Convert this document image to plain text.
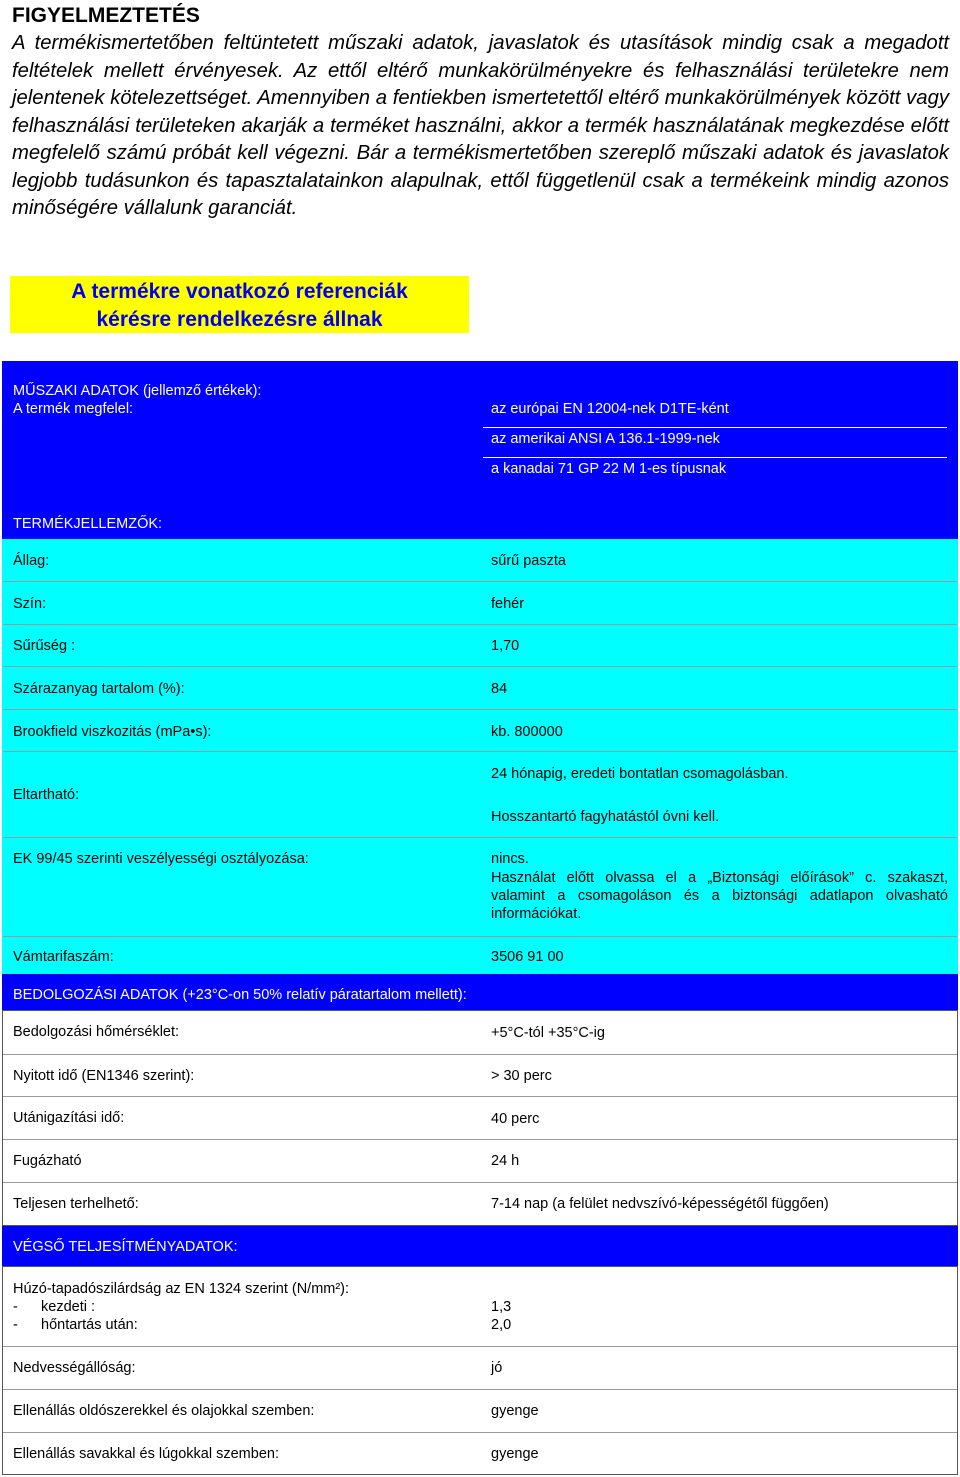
FIGYELMEZTETÉS

A termékismertetőben feltüntetett műszaki adatok, javaslatok és utasítások mindig csak a megadott feltételek mellett érvényesek. Az ettől eltérő munkakörülményekre és felhasználási területekre nem jelentenek kötelezettséget. Amennyiben a fentiekben ismertetettől eltérő munkakörülmények között vagy felhasználási területeken akarják a terméket használni, akkor a termék használatának megkezdése előtt megfelelő számú próbát kell végezni. Bár a termékismertetőben szereplő műszaki adatok és javaslatok legjobb tudásunkon és tapasztalatainkon alapulnak, ettől függetlenül csak a termékeink mindig azonos minőségére vállalunk garanciát.

A termékre vonatkozó referenciák
kérésre rendelkezésre állnak
MŰSZAKI ADATOK (jellemző értékek):
A termék megfelel:	az európai EN 12004-nek D1TE-ként
az amerikai ANSI A 136.1-1999-nek
a kanadai 71 GP 22 M 1-es típusnak
TERMÉKJELLEMZŐK:
Állag:	sűrű paszta
Szín:	fehér
Sűrűség :	1,70
Szárazanyag tartalom (%):	84
Brookfield viszkozitás (mPa•s):	kb. 800000
Eltartható:
24 hónapig, eredeti bontatlan csomagolásban.
Hosszantartó fagyhatástól óvni kell.
EK 99/45 szerinti veszélyességi osztályozása:	nincs.
Használat előtt olvassa el a „Biztonsági előírások” c. szakaszt, valamint a csomagoláson és a biztonsági adatlapon olvasható információkat.
Vámtarifaszám:	3506 91 00
BEDOLGOZÁSI ADATOK (+23°C-on 50% relatív páratartalom mellett):
Bedolgozási hőmérséklet:	+5°C-tól +35°C-ig
Nyitott idő (EN1346 szerint):	> 30 perc
Utánigazítási idő:	40 perc
Fugázható	24 h
Teljesen terhelhető:	7-14 nap (a felület nedvszívó-képességétől függően)
VÉGSŐ TELJESÍTMÉNYADATOK:
Húzó-tapadószilárdság az EN 1324 szerint (N/mm²):
- kezdeti :	1,3
- hőntartás után:	2,0
Nedvességállóság:	jó
Ellenállás oldószerekkel és olajokkal szemben:	gyenge
Ellenállás savakkal és lúgokkal szemben:	gyenge
